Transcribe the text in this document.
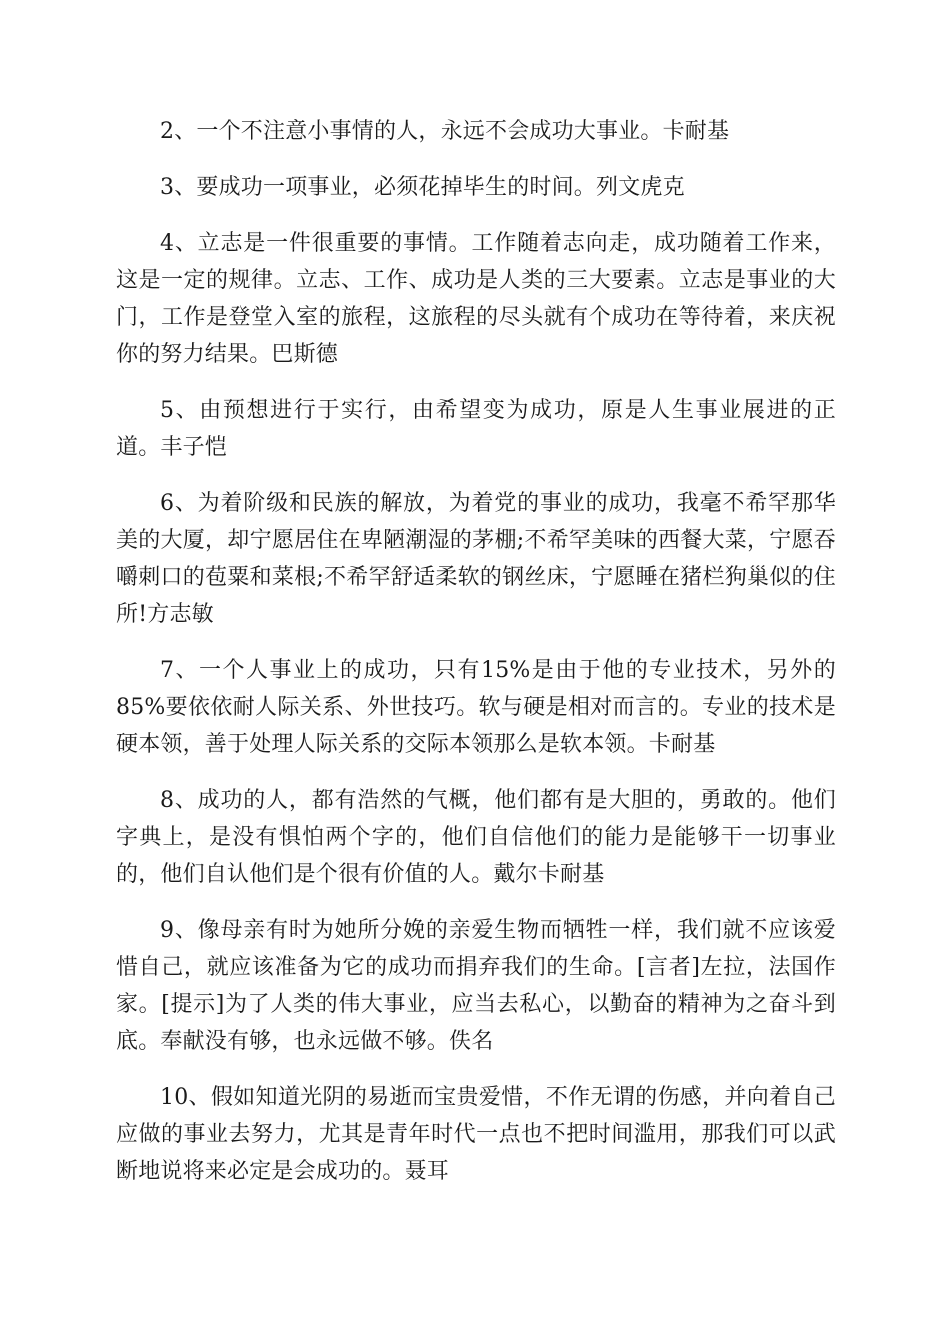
2、一个不注意小事情的人，永远不会成功大事业。卡耐基

3、要成功一项事业，必须花掉毕生的时间。列文虎克

4、立志是一件很重要的事情。工作随着志向走，成功随着工作来，这是一定的规律。立志、工作、成功是人类的三大要素。立志是事业的大门，工作是登堂入室的旅程，这旅程的尽头就有个成功在等待着，来庆祝你的努力结果。巴斯德

5、由预想进行于实行，由希望变为成功，原是人生事业展进的正道。丰子恺

6、为着阶级和民族的解放，为着党的事业的成功，我毫不希罕那华美的大厦，却宁愿居住在卑陋潮湿的茅棚;不希罕美味的西餐大菜，宁愿吞嚼刺口的苞粟和菜根;不希罕舒适柔软的钢丝床，宁愿睡在猪栏狗巢似的住所!方志敏

7、一个人事业上的成功，只有15%是由于他的专业技术，另外的85%要依依耐人际关系、外世技巧。软与硬是相对而言的。专业的技术是硬本领，善于处理人际关系的交际本领那么是软本领。卡耐基

8、成功的人，都有浩然的气概，他们都有是大胆的，勇敢的。他们字典上，是没有惧怕两个字的，他们自信他们的能力是能够干一切事业的，他们自认他们是个很有价值的人。戴尔卡耐基

9、像母亲有时为她所分娩的亲爱生物而牺牲一样，我们就不应该爱惜自己，就应该准备为它的成功而捐弃我们的生命。[言者]左拉，法国作家。[提示]为了人类的伟大事业，应当去私心，以勤奋的精神为之奋斗到底。奉献没有够，也永远做不够。佚名

10、假如知道光阴的易逝而宝贵爱惜，不作无谓的伤感，并向着自己应做的事业去努力，尤其是青年时代一点也不把时间滥用，那我们可以武断地说将来必定是会成功的。聂耳
